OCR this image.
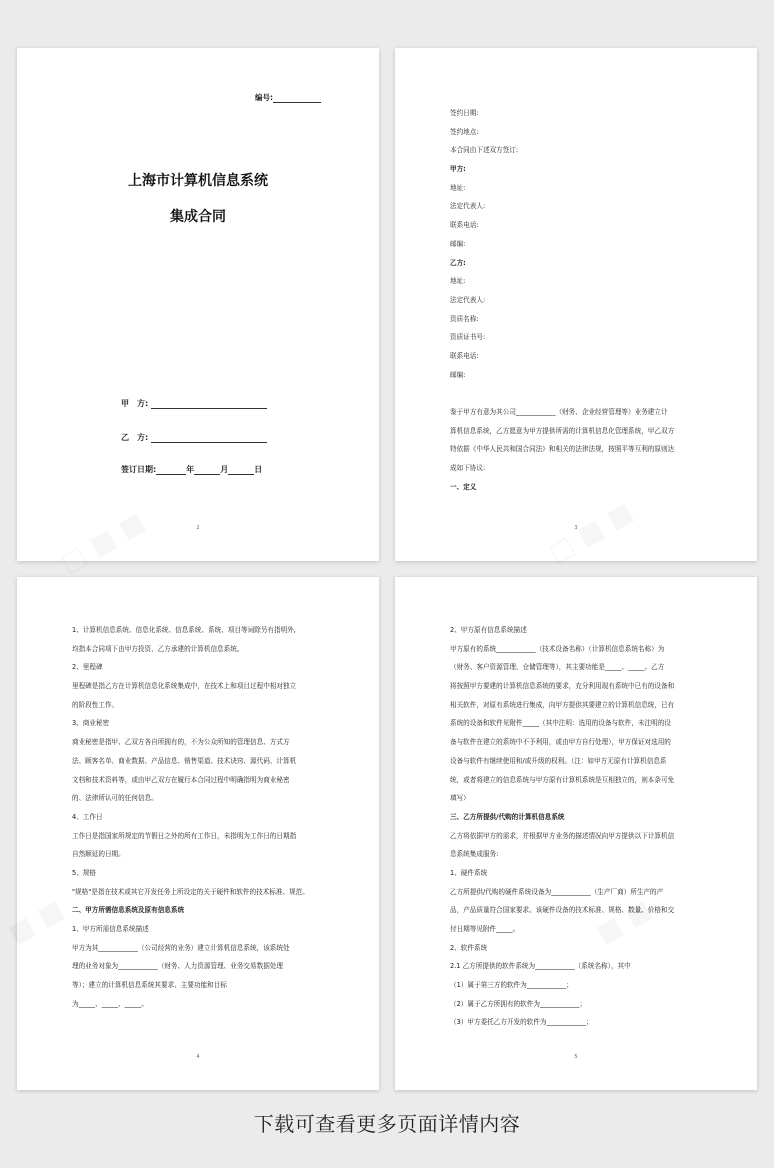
编号:
上海市计算机信息系统
集成合同
甲　方:
乙　方:
签订日期:	年	月	日
2
签约日期:
签约地点:
本合同由下述双方签订:
甲方:
地址:
法定代表人:
联系电话:
邮编:
乙方:
地址:
法定代表人:
资质名称:
资质证书号:
联系电话:
邮编:
鉴于甲方有意为其公司____________（财务、企业经营管理等）业务建立计
算机信息系统，乙方愿意为甲方提供所需的计算机信息化管理系统，甲乙双方
特依据《中华人民共和国合同法》和相关的法律法规，按照平等互利的原则达
成如下协议:
一、定义
3
1、计算机信息系统、信息化系统、信息系统、系统、项目等词除另有指明外,
均指本合同项下由甲方投资、乙方承建的计算机信息系统。
2、里程碑
里程碑是指乙方在计算机信息化系统集成中，在技术上和项目过程中相对独立
的阶段性工作。
3、商业秘密
商业秘密是指甲、乙双方各自所拥有的，不为公众所知的管理信息、方式方
法、顾客名单、商业数据、产品信息、销售渠道、技术诀窍、源代码、计算机
文档和技术资料等，或由甲乙双方在履行本合同过程中明确指明为商业秘密
的、法律所认可的任何信息。
4、工作日
工作日是指国家所规定的节假日之外的所有工作日，未指明为工作日的日期指
自然顺延的日期。
5、规格
"规格"是指在技术或其它开发任务上所设定的关于硬件和软件的技术标准、规范。
二、甲方所需信息系统及原有信息系统
1、甲方所需信息系统描述
甲方为其____________（公司经营的业务）建立计算机信息系统，该系统处
理的业务对象为____________（财务、人力资源管理、业务交易数据处理
等）；建立的计算机信息系统其要求、主要功能和目标
为_____、_____、_____。
4
2、甲方原有信息系统描述
甲方原有的系统____________（技术设备名称）（计算机信息系统名称）为
（财务、客户资源管理、仓储管理等），其主要功能是_____、_____。乙方
将按照甲方要建的计算机信息系统的要求，充分利用现有系统中已有的设备和
相关软件，对原有系统进行集成，向甲方提供其要建立的计算机信息统，已有
系统的设备和软件见附件_____（其中注明：选用的设备与软件，未注明的设
备与软件在建立的系统中不予利用，或由甲方自行处理），甲方保证对选用的
设备与软件有继续使用和/或升级的权利。（注：如甲方无原有计算机信息系
统，或者将建立的信息系统与甲方原有计算机系统是互相独立的，则本条可免
填写）
三、乙方所提供/代购的计算机信息系统
乙方将依据甲方的需求，并根据甲方业务的描述情况向甲方提供以下计算机信
息系统集成服务:
1、硬件系统
乙方所提供/代购的硬件系统设备为____________（生产厂商）所生产的产
品，产品质量符合国家要求。该硬件设备的技术标准、规格、数量、价格和交
付日期等见附件_____。
2、软件系统
2.1 乙方所提供的软件系统为____________（系统名称），其中
（1）属于第三方的软件为____________；
（2）属于乙方所拥有的软件为____________；
（3）甲方委托乙方开发的软件为____________；
5
下载可查看更多页面详情内容
